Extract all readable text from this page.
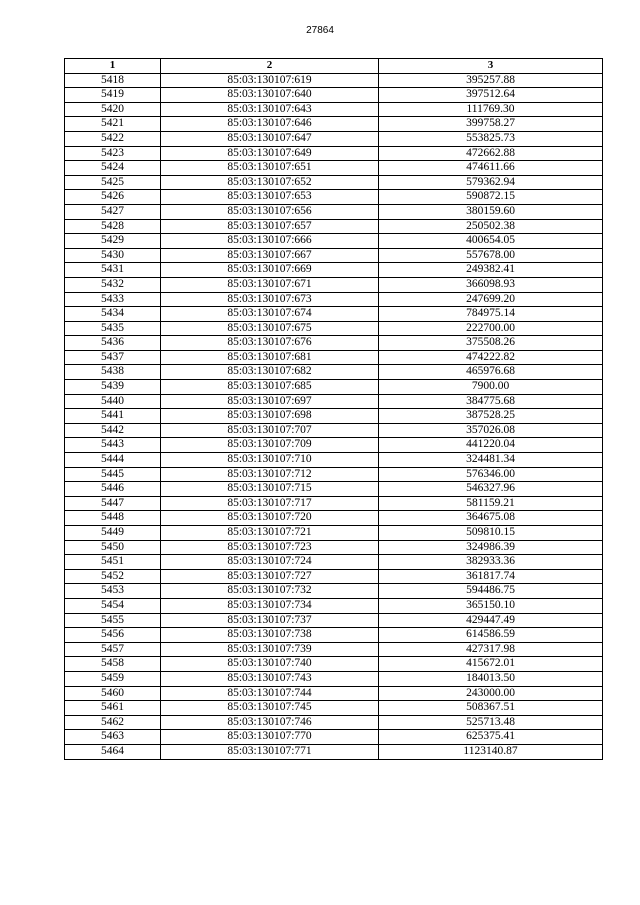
27864
1	2	3
5418	85:03:130107:619	395257.88
5419	85:03:130107:640	397512.64
5420	85:03:130107:643	111769.30
5421	85:03:130107:646	399758.27
5422	85:03:130107:647	553825.73
5423	85:03:130107:649	472662.88
5424	85:03:130107:651	474611.66
5425	85:03:130107:652	579362.94
5426	85:03:130107:653	590872.15
5427	85:03:130107:656	380159.60
5428	85:03:130107:657	250502.38
5429	85:03:130107:666	400654.05
5430	85:03:130107:667	557678.00
5431	85:03:130107:669	249382.41
5432	85:03:130107:671	366098.93
5433	85:03:130107:673	247699.20
5434	85:03:130107:674	784975.14
5435	85:03:130107:675	222700.00
5436	85:03:130107:676	375508.26
5437	85:03:130107:681	474222.82
5438	85:03:130107:682	465976.68
5439	85:03:130107:685	7900.00
5440	85:03:130107:697	384775.68
5441	85:03:130107:698	387528.25
5442	85:03:130107:707	357026.08
5443	85:03:130107:709	441220.04
5444	85:03:130107:710	324481.34
5445	85:03:130107:712	576346.00
5446	85:03:130107:715	546327.96
5447	85:03:130107:717	581159.21
5448	85:03:130107:720	364675.08
5449	85:03:130107:721	509810.15
5450	85:03:130107:723	324986.39
5451	85:03:130107:724	382933.36
5452	85:03:130107:727	361817.74
5453	85:03:130107:732	594486.75
5454	85:03:130107:734	365150.10
5455	85:03:130107:737	429447.49
5456	85:03:130107:738	614586.59
5457	85:03:130107:739	427317.98
5458	85:03:130107:740	415672.01
5459	85:03:130107:743	184013.50
5460	85:03:130107:744	243000.00
5461	85:03:130107:745	508367.51
5462	85:03:130107:746	525713.48
5463	85:03:130107:770	625375.41
5464	85:03:130107:771	1123140.87
